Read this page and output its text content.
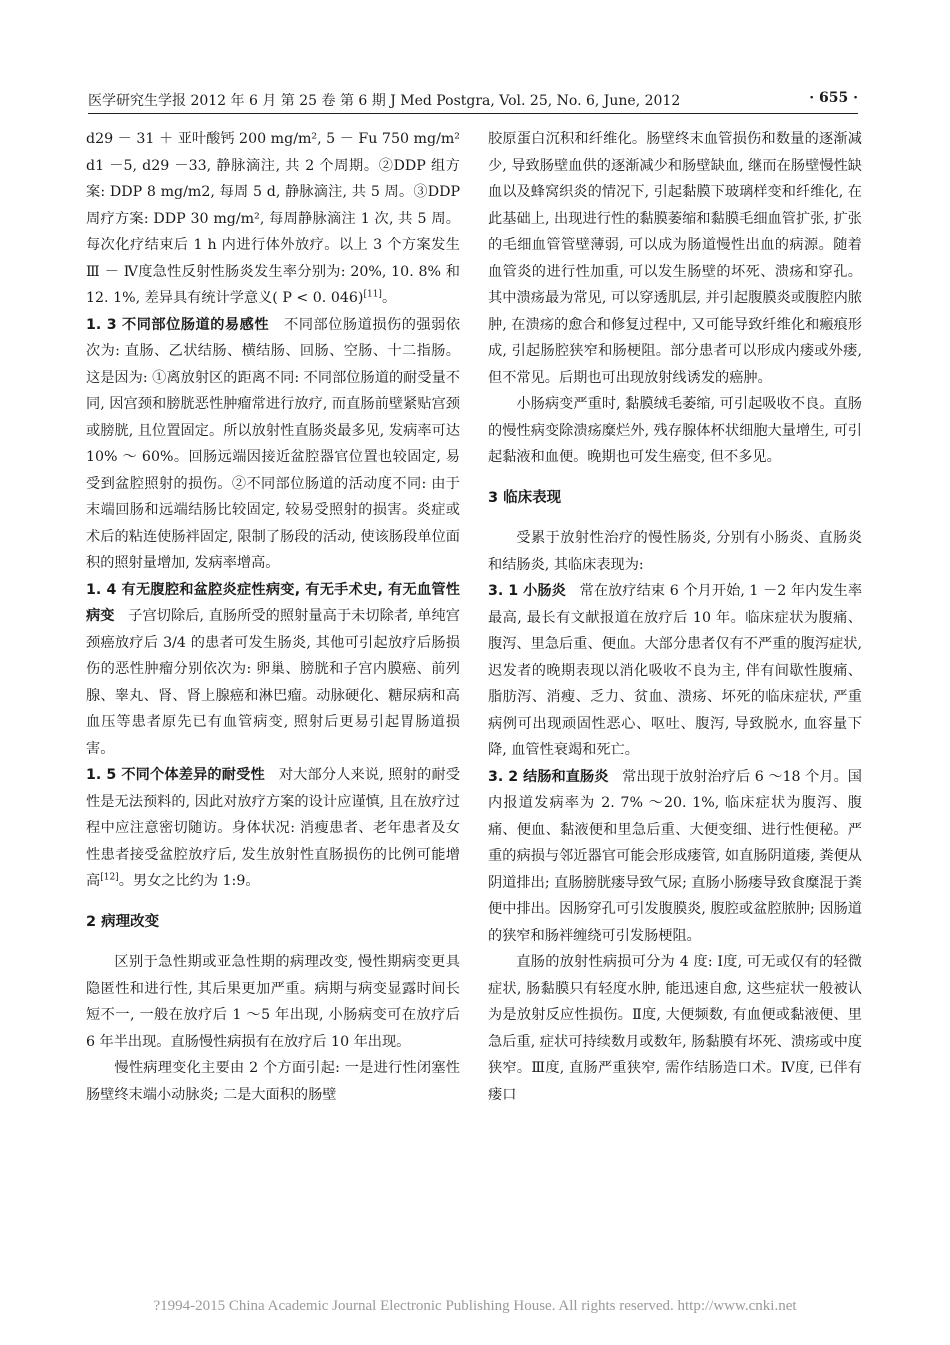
医学研究生学报 2012 年 6 月 第 25 卷 第 6 期 J Med Postgra, Vol. 25, No. 6, June, 2012	· 655 ·

d29 － 31 ＋ 亚叶酸钙 200 mg/m², 5 － Fu 750 mg/m² d1 －5, d29 －33, 静脉滴注, 共 2 个周期。②DDP 组方案: DDP 8 mg/m2, 每周 5 d, 静脉滴注, 共 5 周。③DDP 周疗方案: DDP 30 mg/m², 每周静脉滴注 1 次, 共 5 周。每次化疗结束后 1 h 内进行体外放疗。以上 3 个方案发生Ⅲ － Ⅳ度急性反射性肠炎发生率分别为: 20%, 10. 8% 和 12. 1%, 差异具有统计学意义( P < 0. 046)[11]。

1. 3 不同部位肠道的易感性 不同部位肠道损伤的强弱依次为: 直肠、乙状结肠、横结肠、回肠、空肠、十二指肠。这是因为: ①离放射区的距离不同: 不同部位肠道的耐受量不同, 因宫颈和膀胱恶性肿瘤常进行放疗, 而直肠前壁紧贴宫颈或膀胱, 且位置固定。所以放射性直肠炎最多见, 发病率可达 10% ～ 60%。回肠远端因接近盆腔器官位置也较固定, 易受到盆腔照射的损伤。②不同部位肠道的活动度不同: 由于末端回肠和远端结肠比较固定, 较易受照射的损害。炎症或术后的粘连使肠袢固定, 限制了肠段的活动, 使该肠段单位面积的照射量增加, 发病率增高。

1. 4 有无腹腔和盆腔炎症性病变, 有无手术史, 有无血管性病变 子宫切除后, 直肠所受的照射量高于未切除者, 单纯宫颈癌放疗后 3/4 的患者可发生肠炎, 其他可引起放疗后肠损伤的恶性肿瘤分别依次为: 卵巢、膀胱和子宫内膜癌、前列腺、睾丸、肾、肾上腺癌和淋巴瘤。动脉硬化、糖尿病和高血压等患者原先已有血管病变, 照射后更易引起胃肠道损害。

1. 5 不同个体差异的耐受性 对大部分人来说, 照射的耐受性是无法预料的, 因此对放疗方案的设计应谨慎, 且在放疗过程中应注意密切随访。身体状况: 消瘦患者、老年患者及女性患者接受盆腔放疗后, 发生放射性直肠损伤的比例可能增高[12]。男女之比约为 1:9。

2 病理改变

区别于急性期或亚急性期的病理改变, 慢性期病变更具隐匿性和进行性, 其后果更加严重。病期与病变显露时间长短不一, 一般在放疗后 1 ～5 年出现, 小肠病变可在放疗后 6 年半出现。直肠慢性病损有在放疗后 10 年出现。

慢性病理变化主要由 2 个方面引起: 一是进行性闭塞性肠壁终末端小动脉炎; 二是大面积的肠壁

胶原蛋白沉积和纤维化。肠壁终末血管损伤和数量的逐渐减少, 导致肠壁血供的逐渐减少和肠壁缺血, 继而在肠壁慢性缺血以及蜂窝织炎的情况下, 引起黏膜下玻璃样变和纤维化, 在此基础上, 出现进行性的黏膜萎缩和黏膜毛细血管扩张, 扩张的毛细血管管壁薄弱, 可以成为肠道慢性出血的病源。随着血管炎的进行性加重, 可以发生肠壁的坏死、溃疡和穿孔。其中溃疡最为常见, 可以穿透肌层, 并引起腹膜炎或腹腔内脓肿, 在溃疡的愈合和修复过程中, 又可能导致纤维化和瘢痕形成, 引起肠腔狭窄和肠梗阻。部分患者可以形成内瘘或外瘘, 但不常见。后期也可出现放射线诱发的癌肿。

小肠病变严重时, 黏膜绒毛萎缩, 可引起吸收不良。直肠的慢性病变除溃疡糜烂外, 残存腺体杯状细胞大量增生, 可引起黏液和血便。晚期也可发生癌变, 但不多见。

3 临床表现

受累于放射性治疗的慢性肠炎, 分别有小肠炎、直肠炎和结肠炎, 其临床表现为:

3. 1 小肠炎 常在放疗结束 6 个月开始, 1 －2 年内发生率最高, 最长有文献报道在放疗后 10 年。临床症状为腹痛、腹泻、里急后重、便血。大部分患者仅有不严重的腹泻症状, 迟发者的晚期表现以消化吸收不良为主, 伴有间歇性腹痛、脂肪泻、消瘦、乏力、贫血、溃疡、坏死的临床症状, 严重病例可出现顽固性恶心、呕吐、腹泻, 导致脱水, 血容量下降, 血管性衰竭和死亡。

3. 2 结肠和直肠炎 常出现于放射治疗后 6 ～18 个月。国内报道发病率为 2. 7% ～20. 1%, 临床症状为腹泻、腹痛、便血、黏液便和里急后重、大便变细、进行性便秘。严重的病损与邻近器官可能会形成瘘管, 如直肠阴道瘘, 粪便从阴道排出; 直肠膀胱瘘导致气尿; 直肠小肠瘘导致食糜混于粪便中排出。因肠穿孔可引发腹膜炎, 腹腔或盆腔脓肿; 因肠道的狭窄和肠袢缠绕可引发肠梗阻。

直肠的放射性病损可分为 4 度: Ⅰ度, 可无或仅有的轻微症状, 肠黏膜只有轻度水肿, 能迅速自愈, 这些症状一般被认为是放射反应性损伤。Ⅱ度, 大便频数, 有血便或黏液便、里急后重, 症状可持续数月或数年, 肠黏膜有坏死、溃疡或中度狭窄。Ⅲ度, 直肠严重狭窄, 需作结肠造口术。Ⅳ度, 已伴有瘘口

?1994-2015 China Academic Journal Electronic Publishing House. All rights reserved. http://www.cnki.net
